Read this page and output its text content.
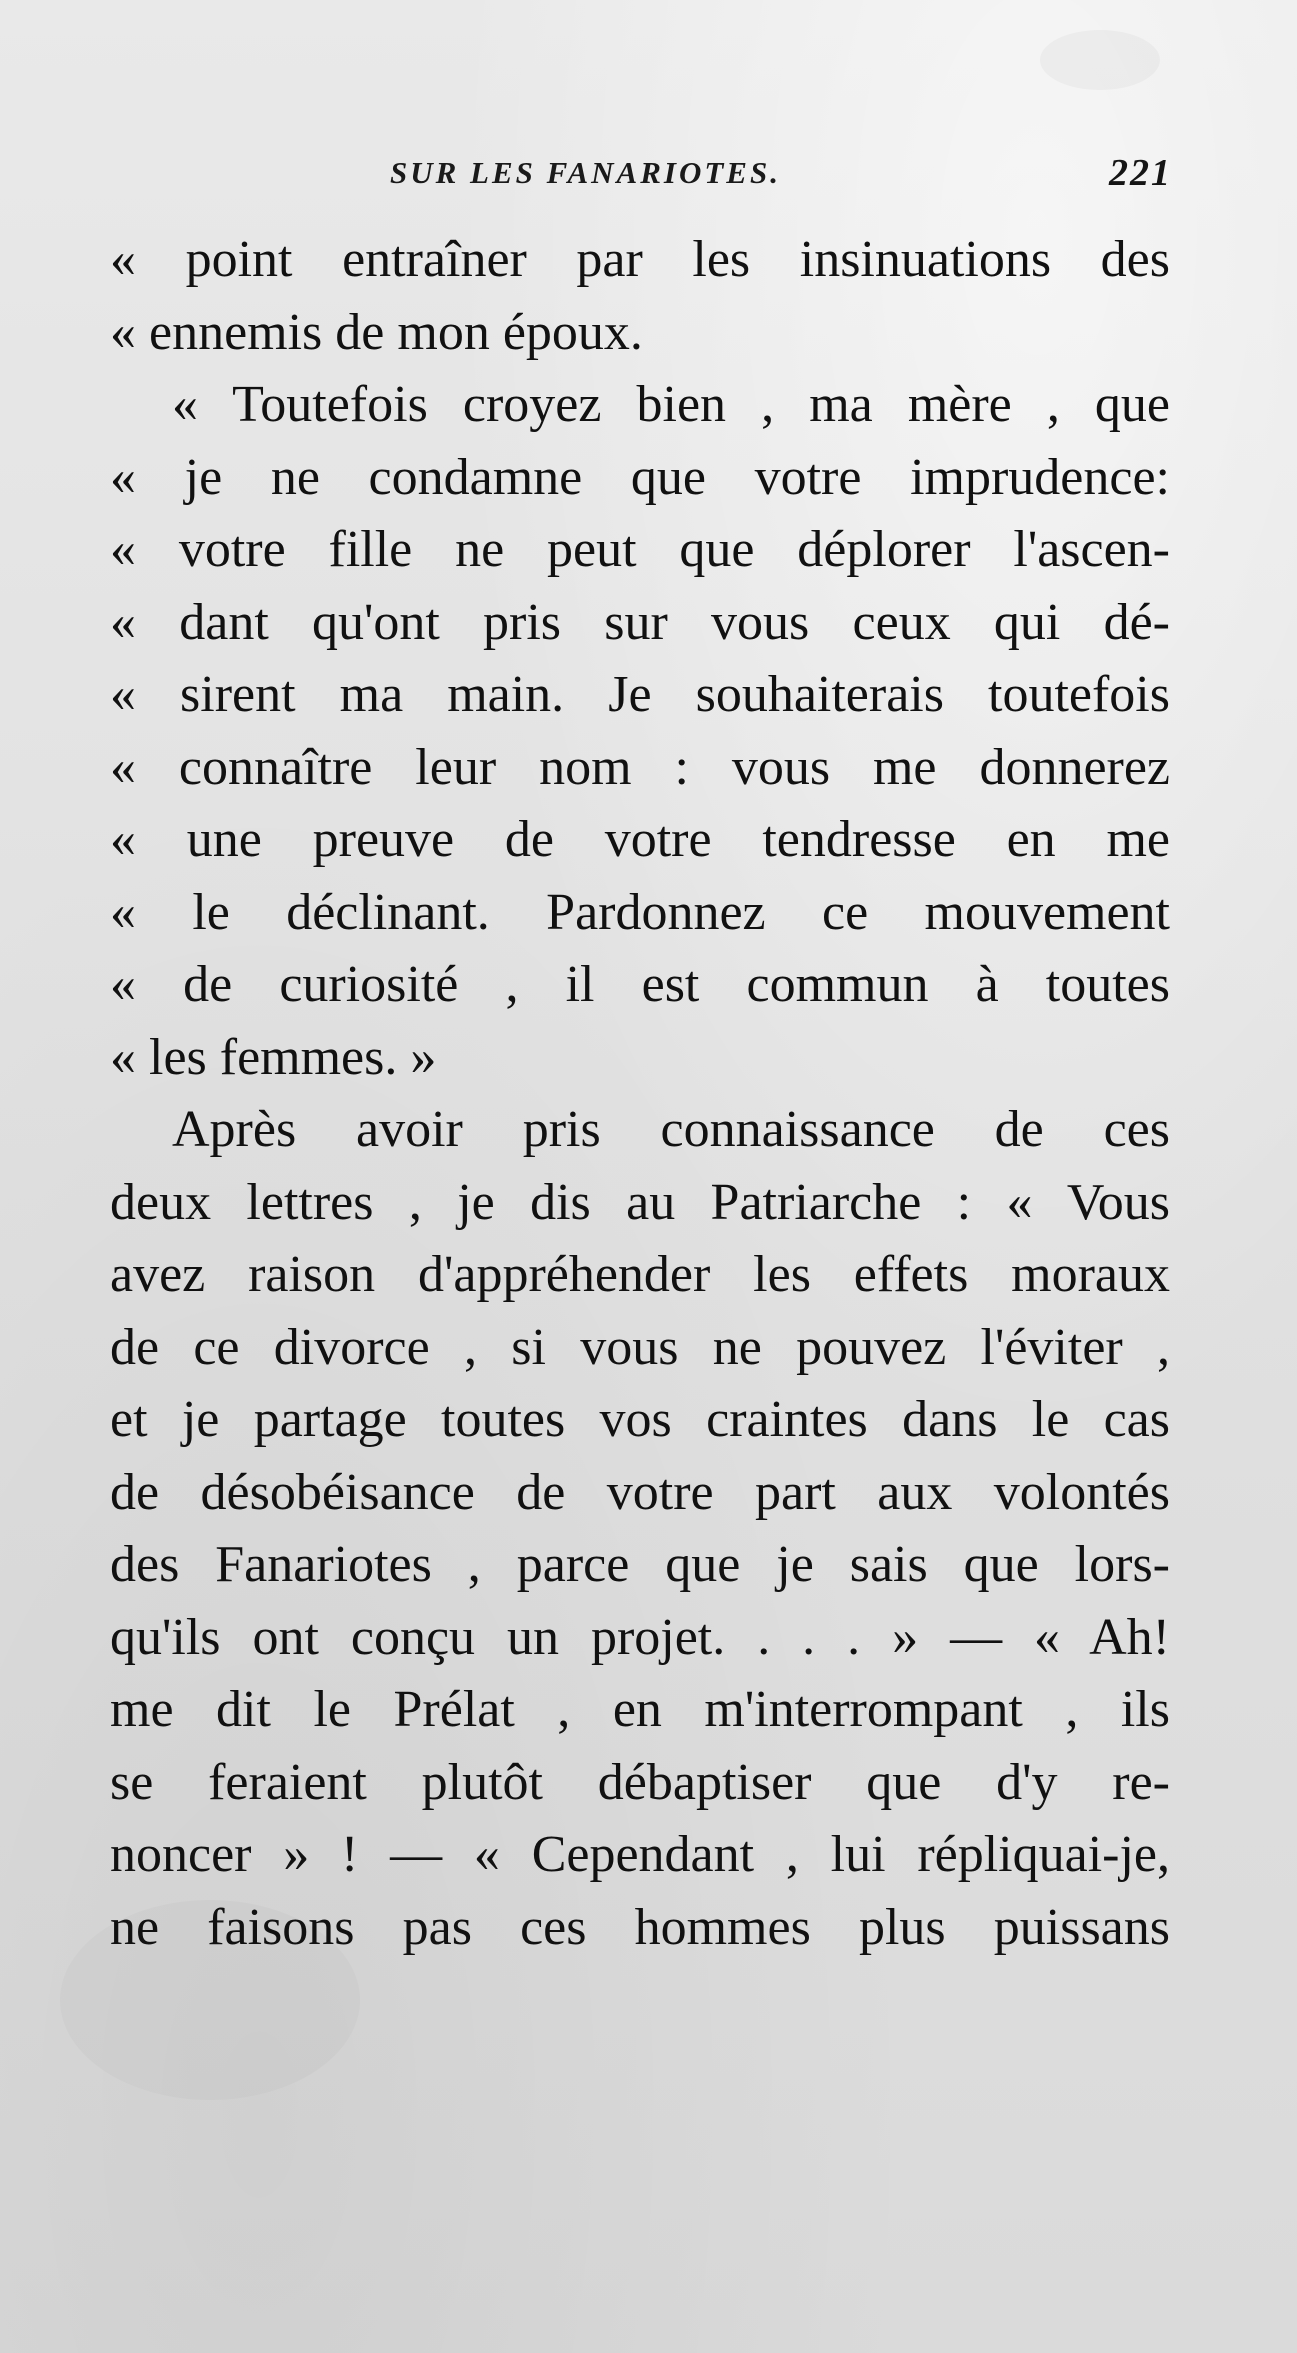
SUR LES FANARIOTES.	221
« point entraîner par les insinuations des
« ennemis de mon époux.
« Toutefois croyez bien , ma mère , que
« je ne condamne que votre imprudence:
« votre fille ne peut que déplorer l'ascen-
« dant qu'ont pris sur vous ceux qui dé-
« sirent ma main. Je souhaiterais toutefois
« connaître leur nom : vous me donnerez
« une preuve de votre tendresse en me
« le déclinant. Pardonnez ce mouvement
« de curiosité , il est commun à toutes
« les femmes. »
Après avoir pris connaissance de ces
deux lettres , je dis au Patriarche : « Vous
avez raison d'appréhender les effets moraux
de ce divorce , si vous ne pouvez l'éviter ,
et je partage toutes vos craintes dans le cas
de désobéisance de votre part aux volontés
des Fanariotes , parce que je sais que lors-
qu'ils ont conçu un projet. . . . » — « Ah!
me dit le Prélat , en m'interrompant , ils
se feraient plutôt débaptiser que d'y re-
noncer » ! — « Cependant , lui répliquai-je,
ne faisons pas ces hommes plus puissans
